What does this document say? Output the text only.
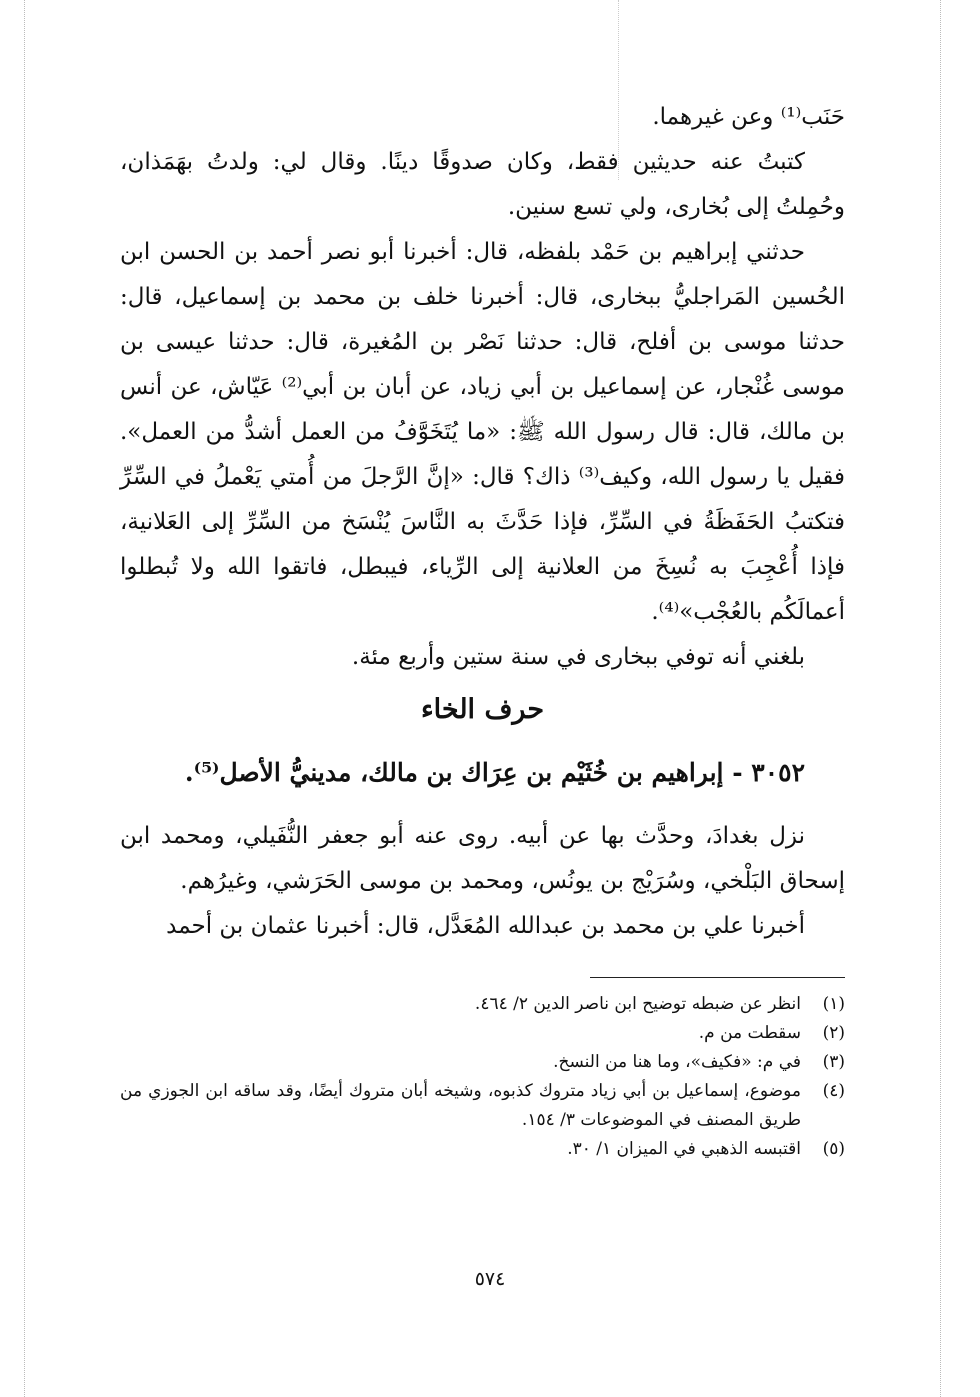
حَنَب⁽¹⁾ وعن غيرهما.

كتبتُ عنه حديثين فقط، وكان صدوقًا دينًا. وقال لي: ولدتُ بهَمَذان، وحُمِلتُ إلى بُخارى، ولي تسع سنين.

حدثني إبراهيم بن حَمْد بلفظه، قال: أخبرنا أبو نصر أحمد بن الحسن ابن الحُسين المَراجليُّ ببخارى، قال: أخبرنا خلف بن محمد بن إسماعيل، قال: حدثنا موسى بن أفلح، قال: حدثنا نَصْر بن المُغيرة، قال: حدثنا عيسى بن موسى غُنْجار، عن إسماعيل بن أبي زياد، عن أبان بن أبي⁽²⁾ عَيّاش، عن أنس بن مالك، قال: قال رسول الله ﷺ: «ما يُتَخَوَّفُ من العمل أشدُّ من العمل». فقيل يا رسول الله، وكيف⁽³⁾ ذاك؟ قال: «إنَّ الرَّجلَ من أُمتي يَعْملُ في السِّرِّ فتكتبُ الحَفَظَةُ في السِّرِّ، فإذا حَدَّثَ به النَّاسَ يُنْسَخ من السِّرِّ إلى العَلانية، فإذا أُعْجِبَ به نُسِخَ من العلانية إلى الرِّياء، فيبطل، فاتقوا الله ولا تُبطلوا أعمالَكُم بالعُجْب»⁽⁴⁾.

بلغني أنه توفي ببخارى في سنة ستين وأربع مئة.

حرف الخاء
٣٠٥٢ - إبراهيم بن خُثَيْم بن عِرَاك بن مالك، مدينيُّ الأصل⁽⁵⁾.

نزل بغدادَ، وحدَّث بها عن أبيه. روى عنه أبو جعفر النُّفَيلي، ومحمد ابن إسحاق البَلْخي، وسُرَيْج بن يونُس، ومحمد بن موسى الحَرَشي، وغيرُهم.

أخبرنا علي بن محمد بن عبدالله المُعَدَّل، قال: أخبرنا عثمان بن أحمد

(١)
انظر عن ضبطه توضيح ابن ناصر الدين ٢/ ٤٦٤.
(٢)
سقطت من م.
(٣)
في م: «فكيف»، وما هنا من النسخ.
(٤)
موضوع، إسماعيل بن أبي زياد متروك كذبوه، وشيخه أبان متروك أيضًا، وقد ساقه ابن الجوزي من طريق المصنف في الموضوعات ٣/ ١٥٤.
(٥)
اقتبسه الذهبي في الميزان ١/ ٣٠.
٥٧٤
